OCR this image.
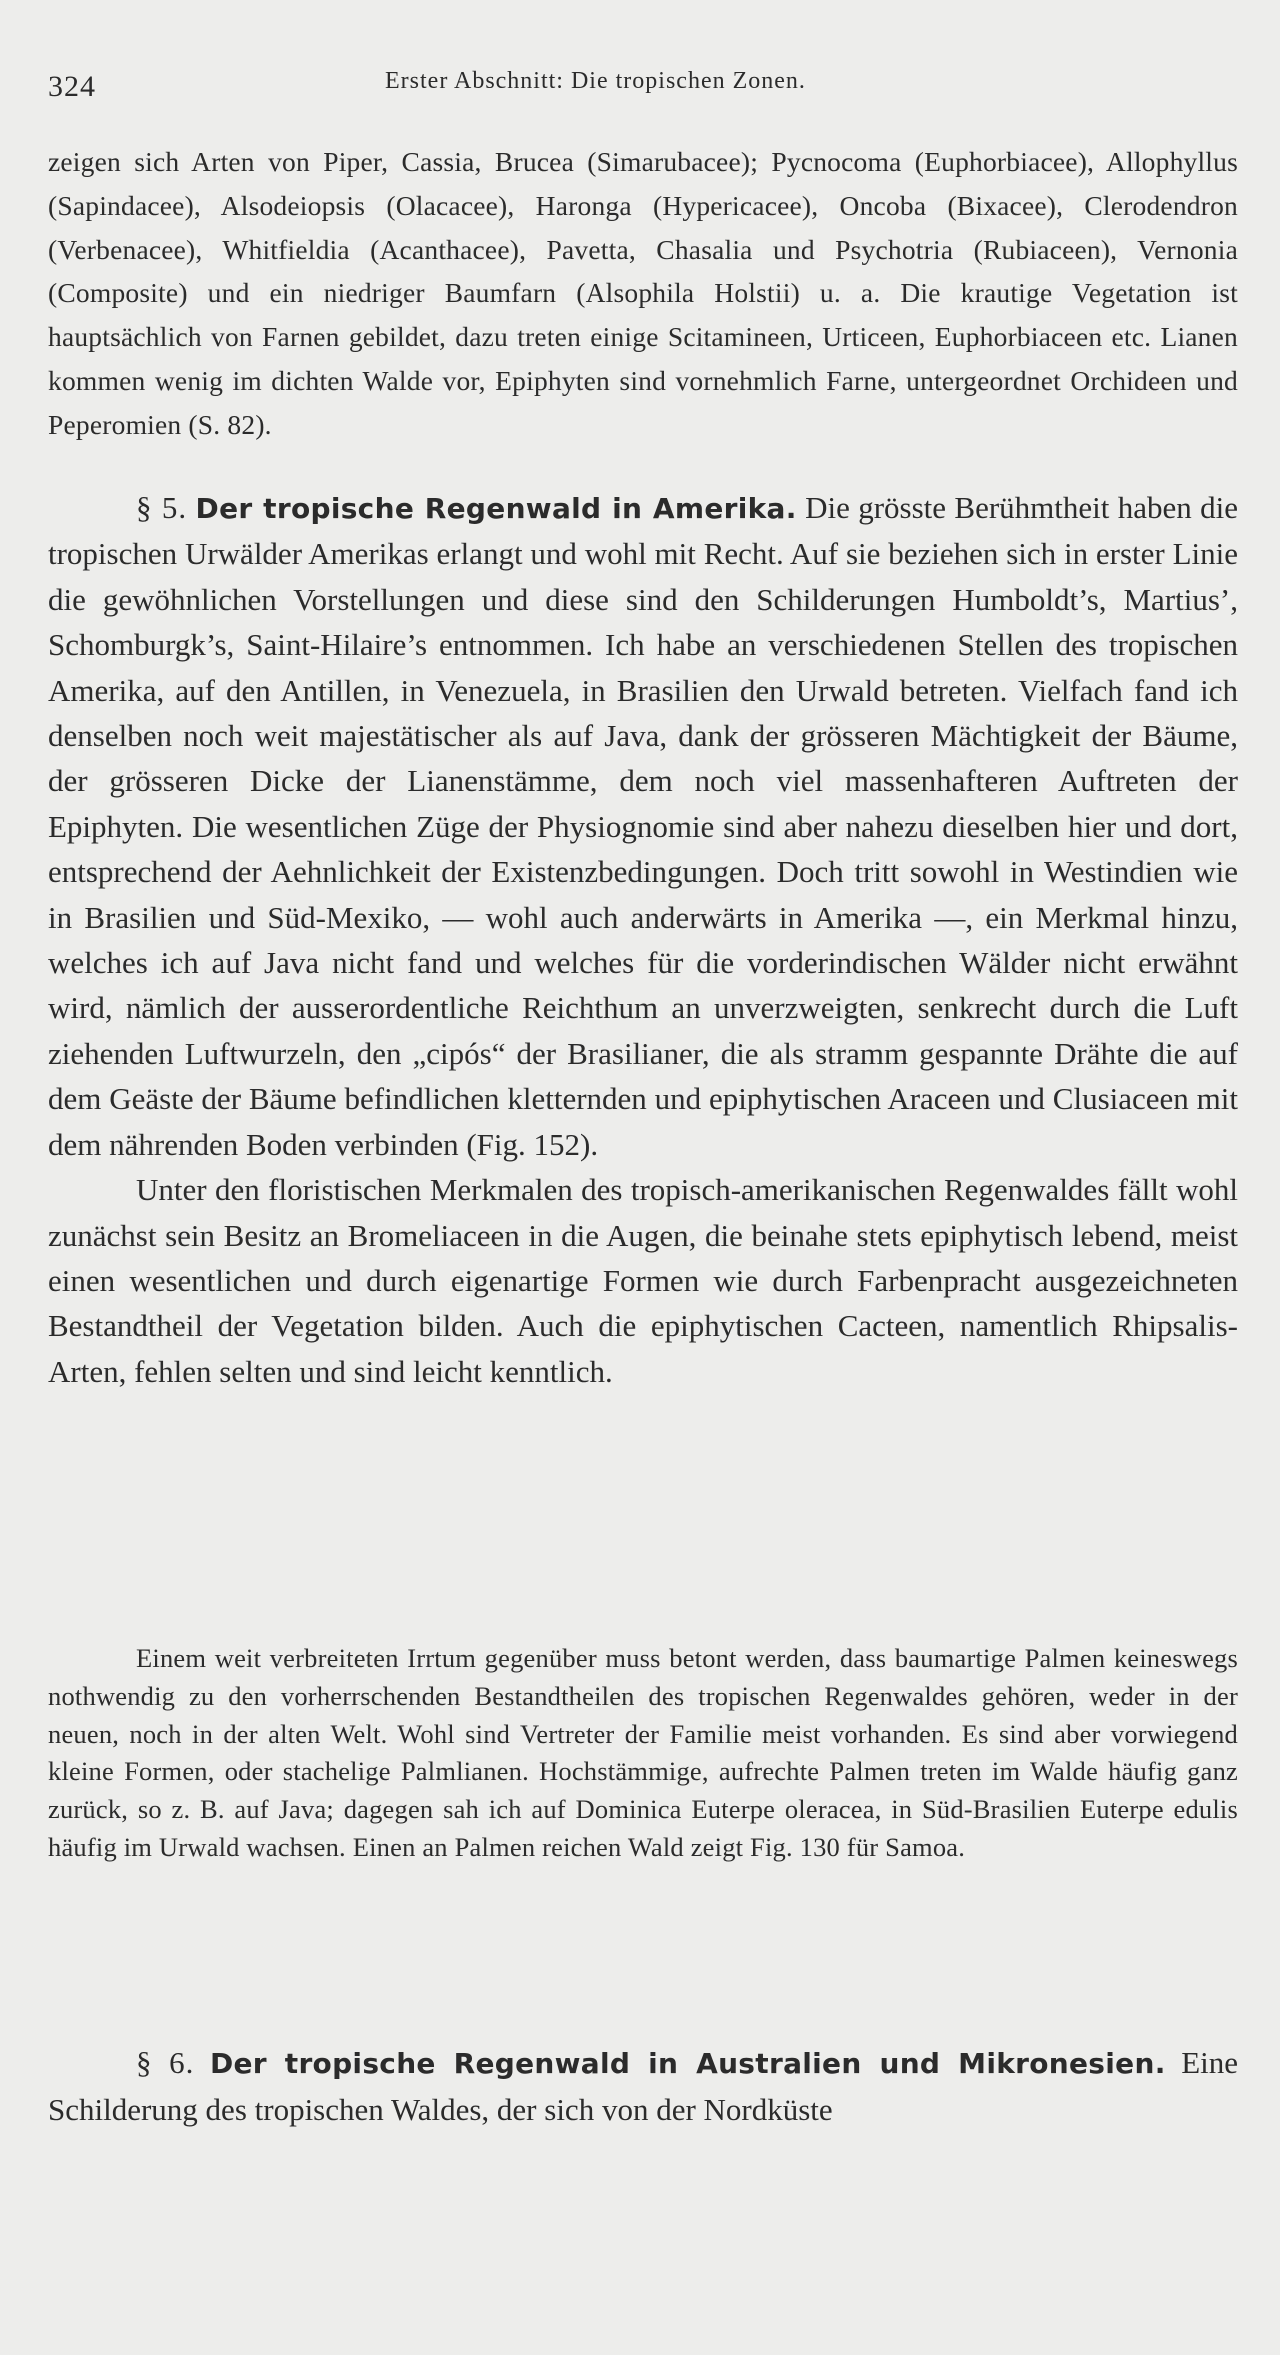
324	Erster Abschnitt: Die tropischen Zonen.

zeigen sich Arten von Piper, Cassia, Brucea (Simarubacee); Pycnocoma (Euphorbiacee), Allophyllus (Sapindacee), Alsodeiopsis (Olacacee), Haronga (Hypericacee), Oncoba (Bixacee), Clerodendron (Verbenacee), Whitfieldia (Acanthacee), Pavetta, Chasalia und Psychotria (Rubiaceen), Vernonia (Composite) und ein niedriger Baumfarn (Alsophila Holstii) u. a. Die krautige Vegetation ist hauptsächlich von Farnen gebildet, dazu treten einige Scitamineen, Urticeen, Euphorbiaceen etc. Lianen kommen wenig im dichten Walde vor, Epiphyten sind vornehmlich Farne, untergeordnet Orchideen und Peperomien (S. 82).

§ 5. Der tropische Regenwald in Amerika. Die grösste Berühmtheit haben die tropischen Urwälder Amerikas erlangt und wohl mit Recht. Auf sie beziehen sich in erster Linie die gewöhnlichen Vorstellungen und diese sind den Schilderungen Humboldt’s, Martius’, Schomburgk’s, Saint-Hilaire’s entnommen. Ich habe an verschiedenen Stellen des tropischen Amerika, auf den Antillen, in Venezuela, in Brasilien den Urwald betreten. Vielfach fand ich denselben noch weit majestätischer als auf Java, dank der grösseren Mächtigkeit der Bäume, der grösseren Dicke der Lianenstämme, dem noch viel massenhafteren Auftreten der Epiphyten. Die wesentlichen Züge der Physiognomie sind aber nahezu dieselben hier und dort, entsprechend der Aehnlichkeit der Existenzbedingungen. Doch tritt sowohl in Westindien wie in Brasilien und Süd-Mexiko, — wohl auch anderwärts in Amerika —, ein Merkmal hinzu, welches ich auf Java nicht fand und welches für die vorderindischen Wälder nicht erwähnt wird, nämlich der ausserordentliche Reichthum an unverzweigten, senkrecht durch die Luft ziehenden Luftwurzeln, den „cipós“ der Brasilianer, die als stramm gespannte Drähte die auf dem Geäste der Bäume befindlichen kletternden und epiphytischen Araceen und Clusiaceen mit dem nährenden Boden verbinden (Fig. 152).

Unter den floristischen Merkmalen des tropisch-amerikanischen Regenwaldes fällt wohl zunächst sein Besitz an Bromeliaceen in die Augen, die beinahe stets epiphytisch lebend, meist einen wesentlichen und durch eigenartige Formen wie durch Farbenpracht ausgezeichneten Bestandtheil der Vegetation bilden. Auch die epiphytischen Cacteen, namentlich Rhipsalis-Arten, fehlen selten und sind leicht kenntlich.

Einem weit verbreiteten Irrtum gegenüber muss betont werden, dass baumartige Palmen keineswegs nothwendig zu den vorherrschenden Bestandtheilen des tropischen Regenwaldes gehören, weder in der neuen, noch in der alten Welt. Wohl sind Vertreter der Familie meist vorhanden. Es sind aber vorwiegend kleine Formen, oder stachelige Palmlianen. Hochstämmige, aufrechte Palmen treten im Walde häufig ganz zurück, so z. B. auf Java; dagegen sah ich auf Dominica Euterpe oleracea, in Süd-Brasilien Euterpe edulis häufig im Urwald wachsen. Einen an Palmen reichen Wald zeigt Fig. 130 für Samoa.

§ 6. Der tropische Regenwald in Australien und Mikronesien. Eine Schilderung des tropischen Waldes, der sich von der Nordküste
